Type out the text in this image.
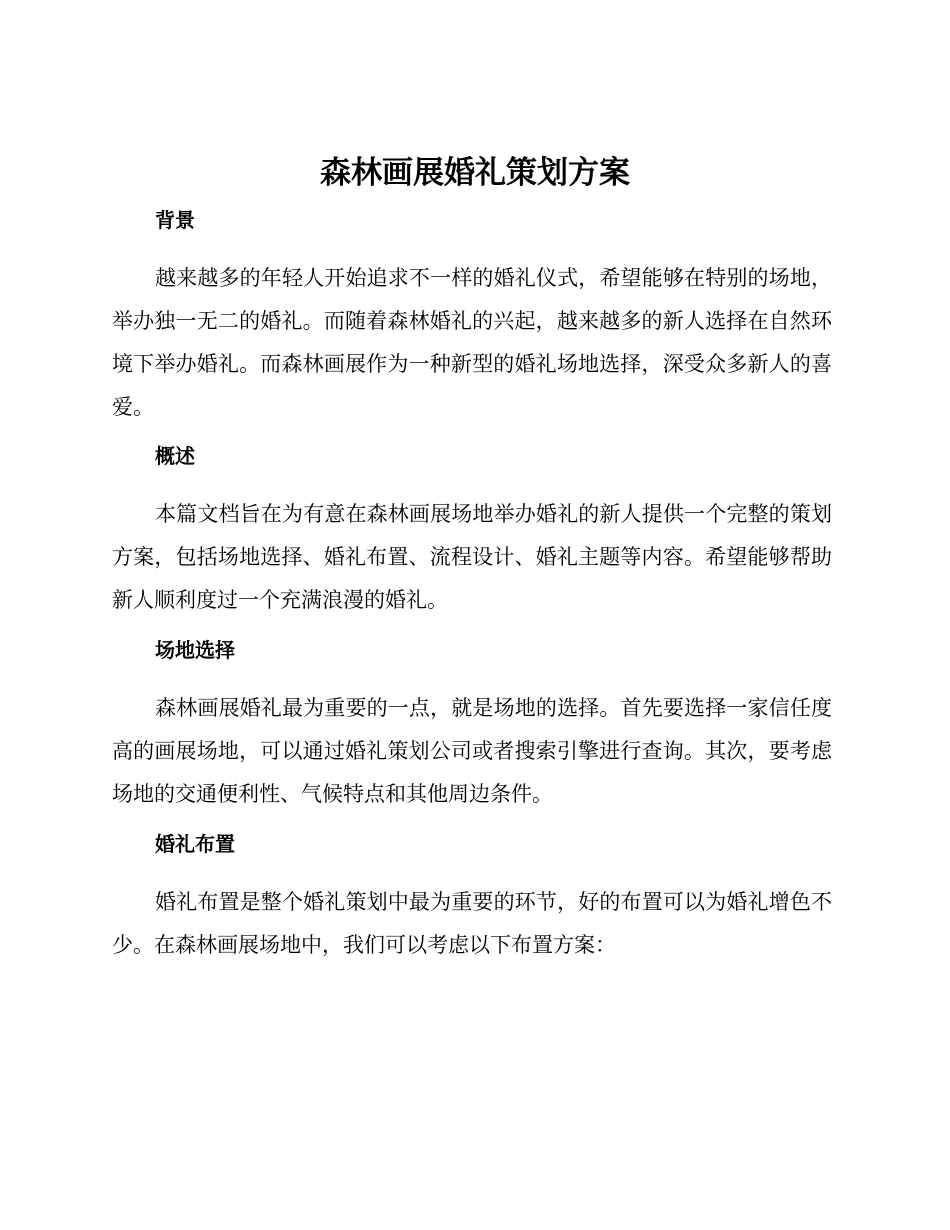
森林画展婚礼策划方案
背景

越来越多的年轻人开始追求不一样的婚礼仪式，希望能够在特别的场地，举办独一无二的婚礼。而随着森林婚礼的兴起，越来越多的新人选择在自然环境下举办婚礼。而森林画展作为一种新型的婚礼场地选择，深受众多新人的喜爱。

概述

本篇文档旨在为有意在森林画展场地举办婚礼的新人提供一个完整的策划方案，包括场地选择、婚礼布置、流程设计、婚礼主题等内容。希望能够帮助新人顺利度过一个充满浪漫的婚礼。

场地选择

森林画展婚礼最为重要的一点，就是场地的选择。首先要选择一家信任度高的画展场地，可以通过婚礼策划公司或者搜索引擎进行查询。其次，要考虑场地的交通便利性、气候特点和其他周边条件。

婚礼布置

婚礼布置是整个婚礼策划中最为重要的环节，好的布置可以为婚礼增色不少。在森林画展场地中，我们可以考虑以下布置方案：
